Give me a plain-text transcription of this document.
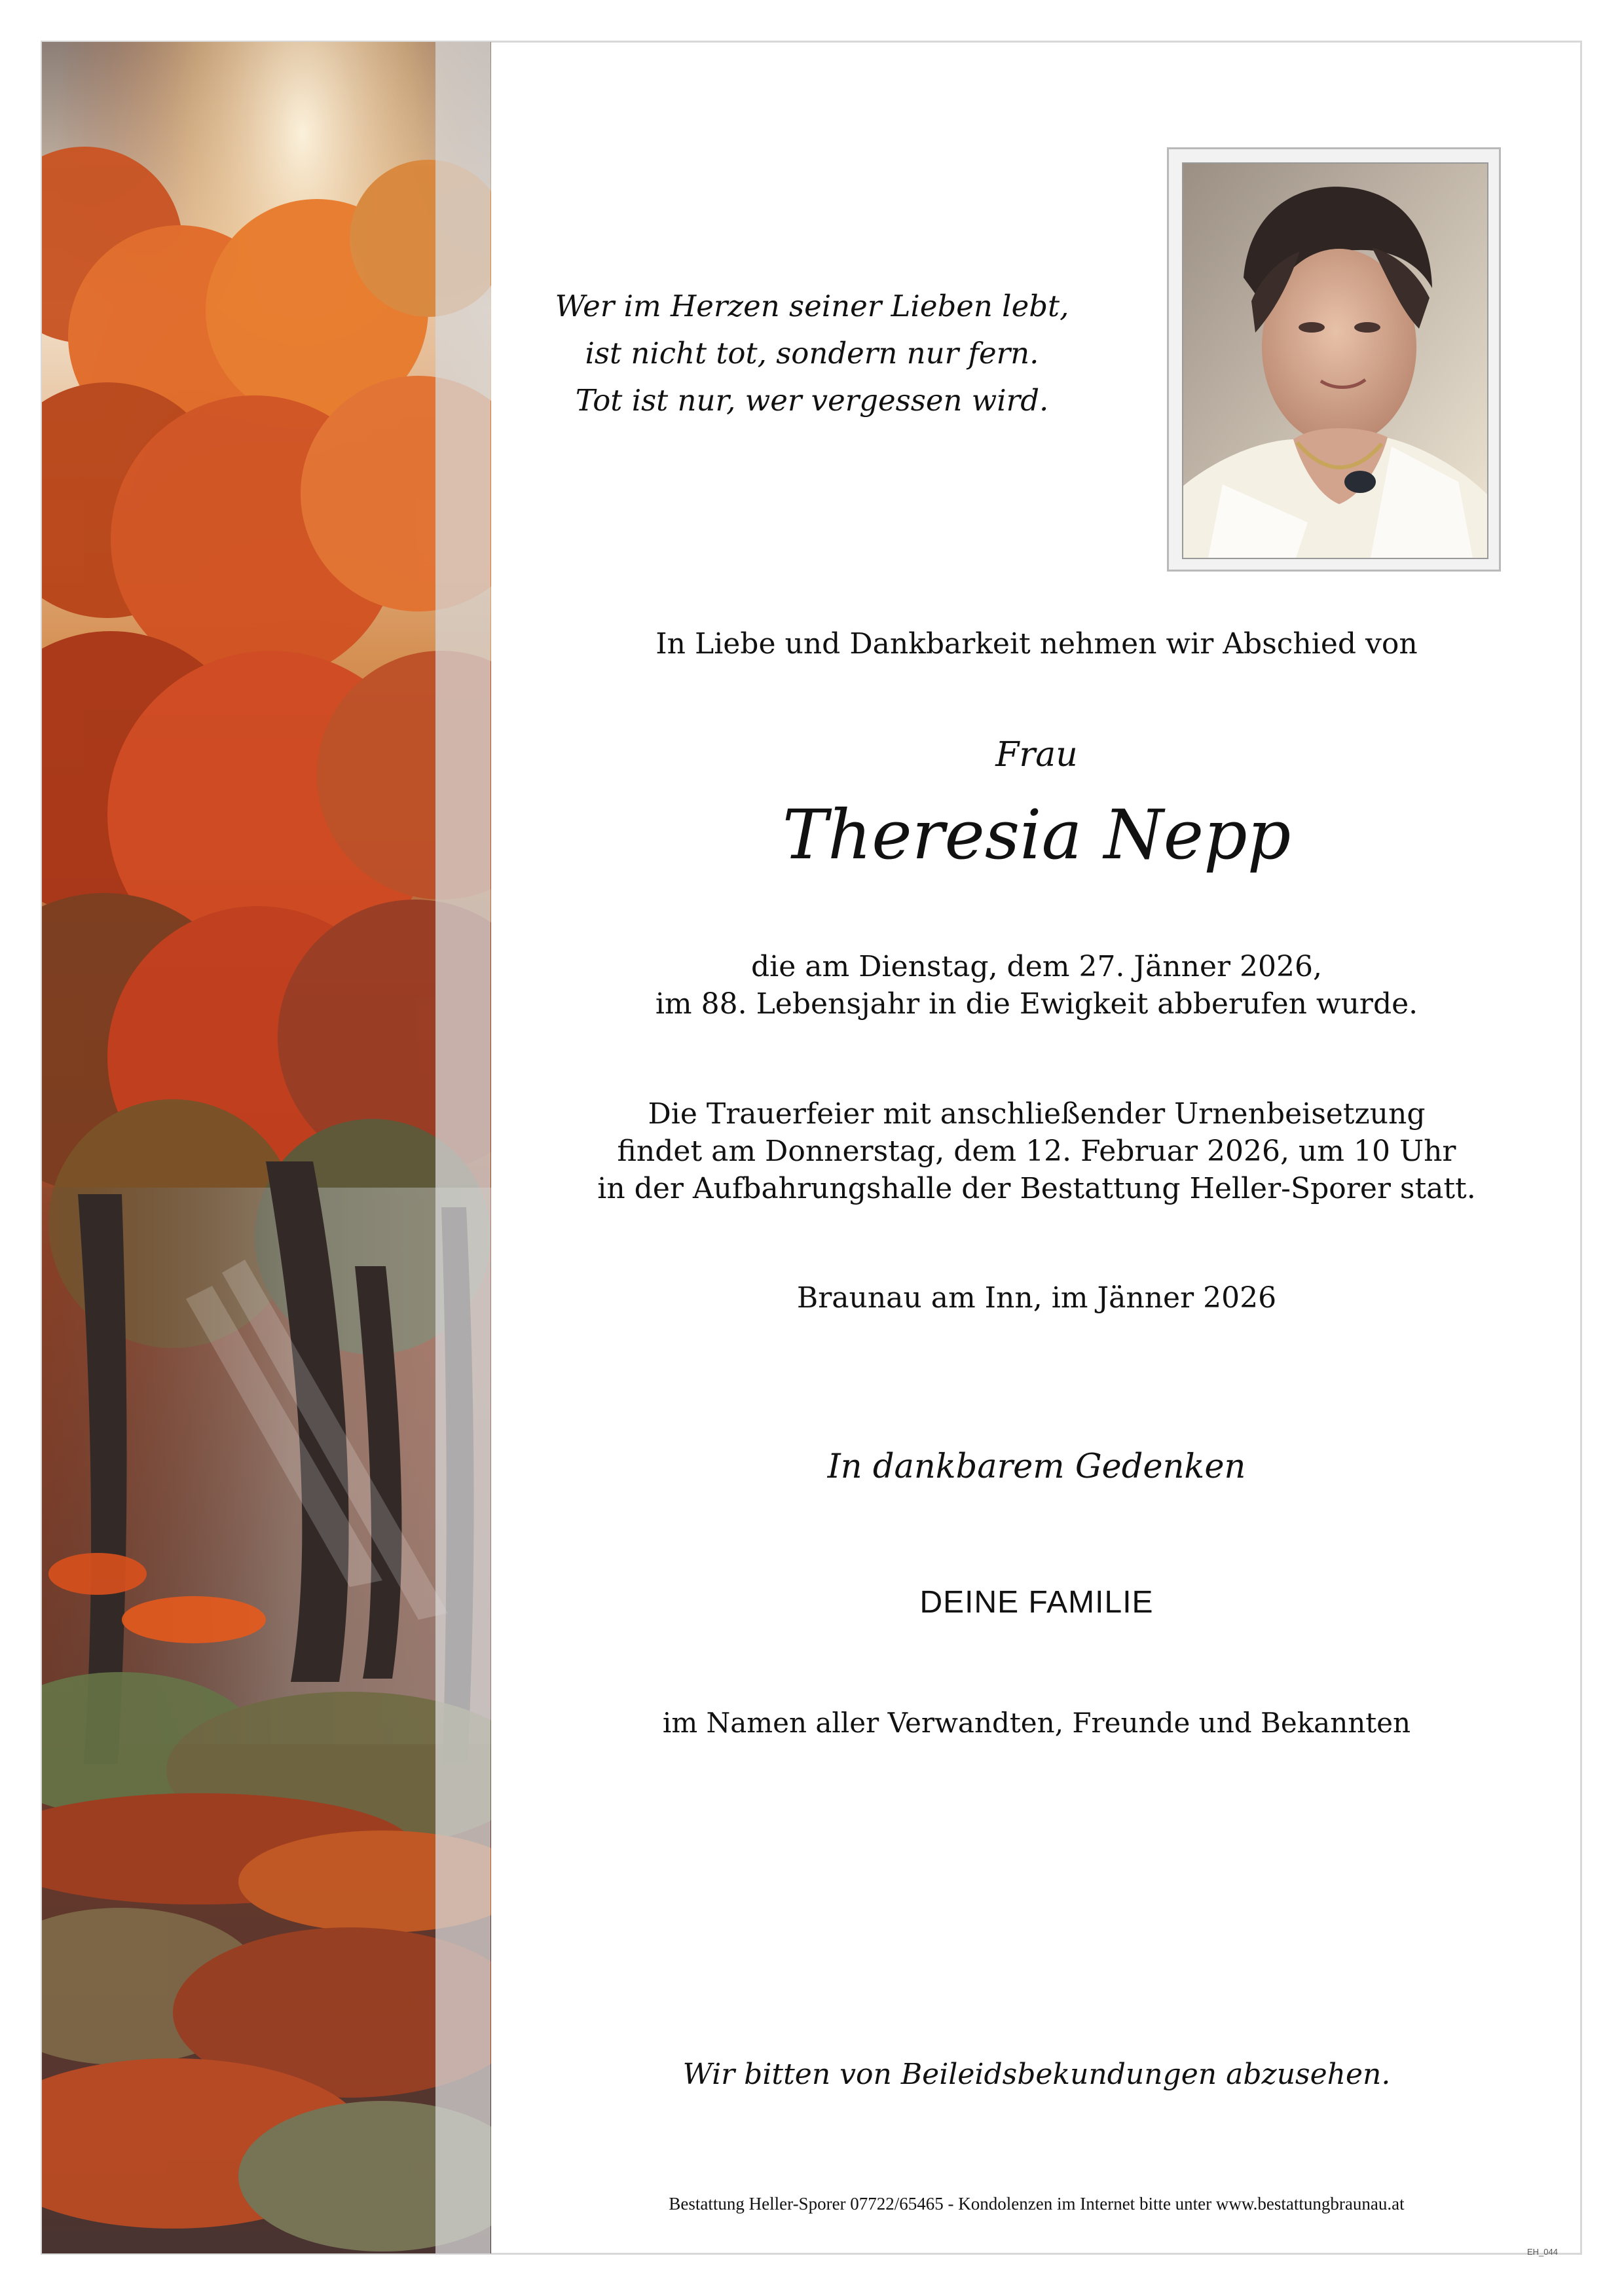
Wer im Herzen seiner Lieben lebt,
ist nicht tot, sondern nur fern.
Tot ist nur, wer vergessen wird.
In Liebe und Dankbarkeit nehmen wir Abschied von
Frau
Theresia Nepp
die am Dienstag, dem 27. Jänner 2026,
im 88. Lebensjahr in die Ewigkeit abberufen wurde.
Die Trauerfeier mit anschließender Urnenbeisetzung
findet am Donnerstag, dem 12. Februar 2026, um 10 Uhr
in der Aufbahrungshalle der Bestattung Heller-Sporer statt.
Braunau am Inn, im Jänner 2026
In dankbarem Gedenken
DEINE FAMILIE
im Namen aller Verwandten, Freunde und Bekannten
Wir bitten von Beileidsbekundungen abzusehen.
Bestattung Heller-Sporer 07722/65465 - Kondolenzen im Internet bitte unter www.bestattungbraunau.at
EH_044
